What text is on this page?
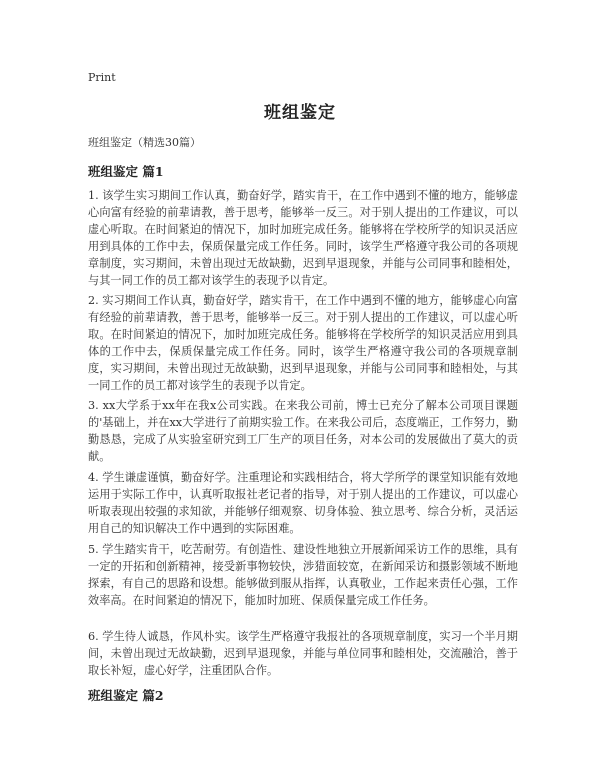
Print
班组鉴定
班组鉴定（精选30篇）
班组鉴定 篇1
1. 该学生实习期间工作认真，勤奋好学，踏实肯干，在工作中遇到不懂的地方，能够虚心向富有经验的前辈请教，善于思考，能够举一反三。对于别人提出的工作建议，可以虚心听取。在时间紧迫的情况下，加时加班完成任务。能够将在学校所学的知识灵活应用到具体的工作中去，保质保量完成工作任务。同时，该学生严格遵守我公司的各项规章制度，实习期间，未曾出现过无故缺勤，迟到早退现象，并能与公司同事和睦相处，与其一同工作的员工都对该学生的表现予以肯定。
2. 实习期间工作认真，勤奋好学，踏实肯干，在工作中遇到不懂的地方，能够虚心向富有经验的前辈请教，善于思考，能够举一反三。对于别人提出的工作建议，可以虚心听取。在时间紧迫的情况下，加时加班完成任务。能够将在学校所学的知识灵活应用到具体的工作中去，保质保量完成工作任务。同时，该学生严格遵守我公司的各项规章制度，实习期间，未曾出现过无故缺勤，迟到早退现象，并能与公司同事和睦相处，与其一同工作的员工都对该学生的表现予以肯定。
3. xx大学系于xx年在我x公司实践。在来我公司前，博士已充分了解本公司项目课题的'基础上，并在xx大学进行了前期实验工作。在来我公司后，态度端正，工作努力，勤勤恳恳，完成了从实验室研究到工厂生产的项目任务，对本公司的发展做出了莫大的贡献。
4. 学生谦虚谨慎，勤奋好学。注重理论和实践相结合，将大学所学的课堂知识能有效地运用于实际工作中，认真听取报社老记者的指导，对于别人提出的工作建议，可以虚心听取表现出较强的求知欲，并能够仔细观察、切身体验、独立思考、综合分析，灵活运用自己的知识解决工作中遇到的实际困难。
5. 学生踏实肯干，吃苦耐劳。有创造性、建设性地独立开展新闻采访工作的思维，具有一定的开拓和创新精神，接受新事物较快，涉猎面较宽，在新闻采访和摄影领域不断地探索，有自己的思路和设想。能够做到服从指挥，认真敬业，工作起来责任心强，工作效率高。在时间紧迫的情况下，能加时加班、保质保量完成工作任务。
6. 学生待人诚恳，作风朴实。该学生严格遵守我报社的各项规章制度，实习一个半月期间，未曾出现过无故缺勤，迟到早退现象，并能与单位同事和睦相处，交流融洽，善于取长补短，虚心好学，注重团队合作。
班组鉴定 篇2
